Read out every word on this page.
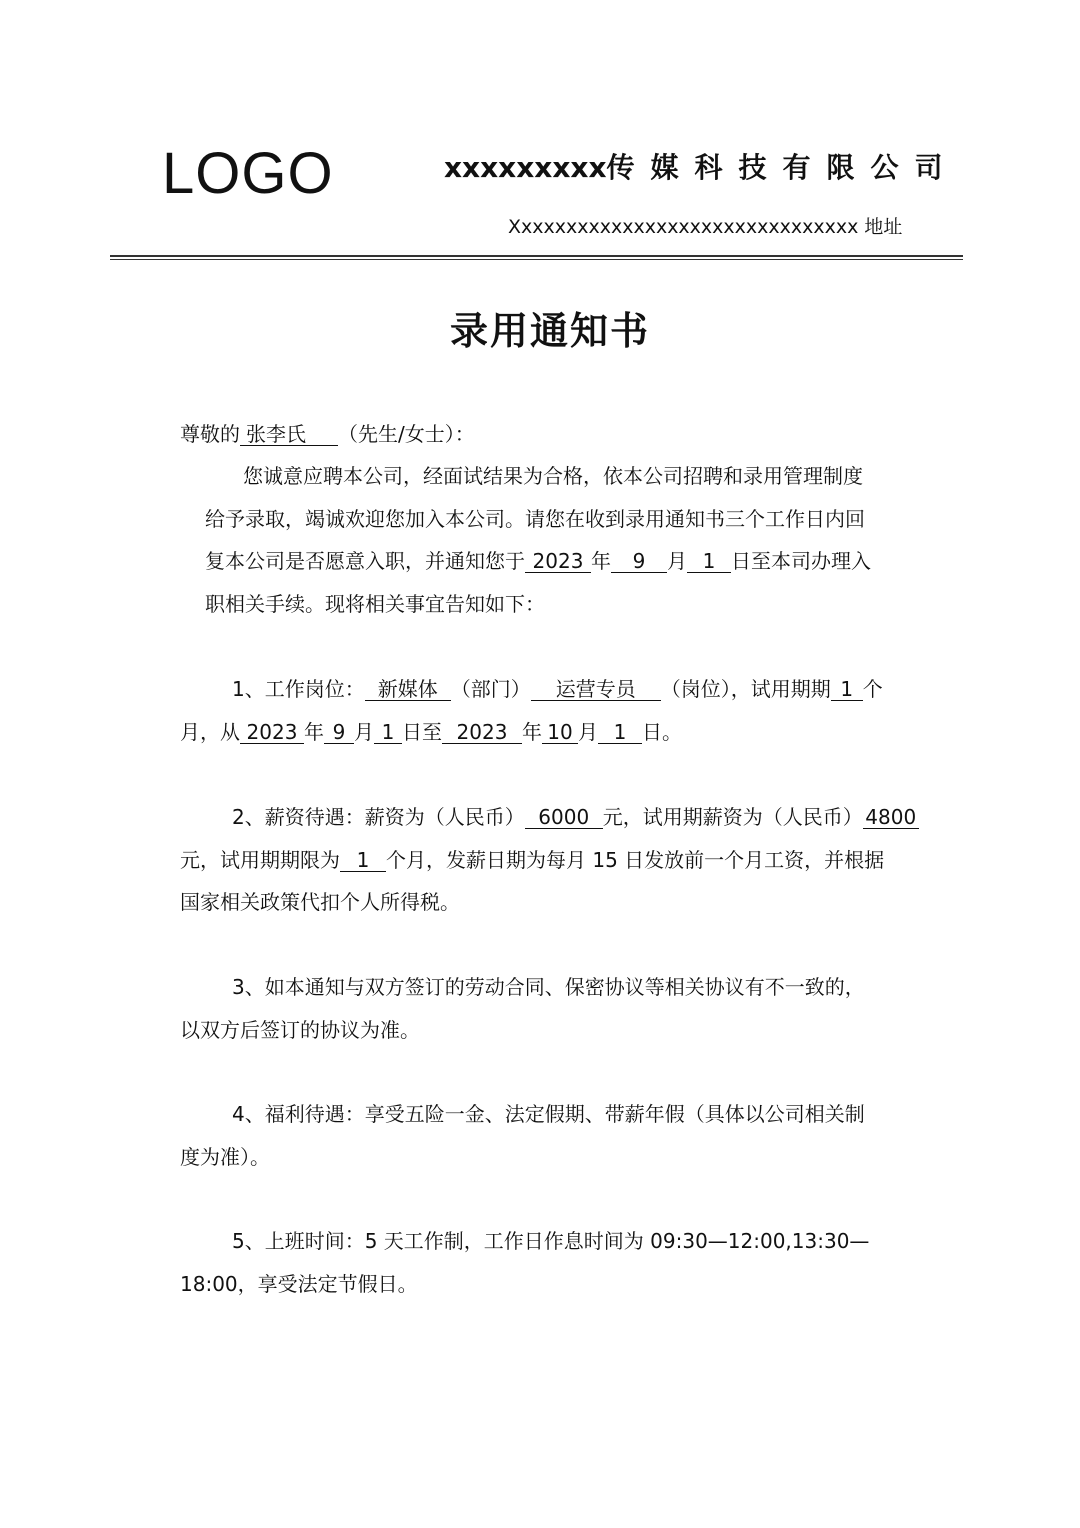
LOGO	xxxxxxxxx传媒科技有限公司
Xxxxxxxxxxxxxxxxxxxxxxxxxxxxxxx 地址
录用通知书
尊敬的 张李氏 （先生/女士）：
您诚意应聘本公司，经面试结果为合格，依本公司招聘和录用管理制度
给予录取，竭诚欢迎您加入本公司。请您在收到录用通知书三个工作日内回
复本公司是否愿意入职，并通知您于 2023 年 9 月 1 日至本司办理入
职相关手续。现将相关事宜告知如下：
1、工作岗位： 新媒体 （部门） 运营专员 （岗位），试用期期 1 个
月，从 2023 年 9 月 1 日至 2023 年 10 月 1 日。
2、薪资待遇：薪资为（人民币） 6000 元，试用期薪资为（人民币） 4800
元，试用期期限为 1 个月，发薪日期为每月 15 日发放前一个月工资，并根据
国家相关政策代扣个人所得税。
3、如本通知与双方签订的劳动合同、保密协议等相关协议有不一致的，
以双方后签订的协议为准。
4、福利待遇：享受五险一金、法定假期、带薪年假（具体以公司相关制
度为准）。
5、上班时间：5 天工作制，工作日作息时间为 09:30—12:00,13:30—
18:00，享受法定节假日。
